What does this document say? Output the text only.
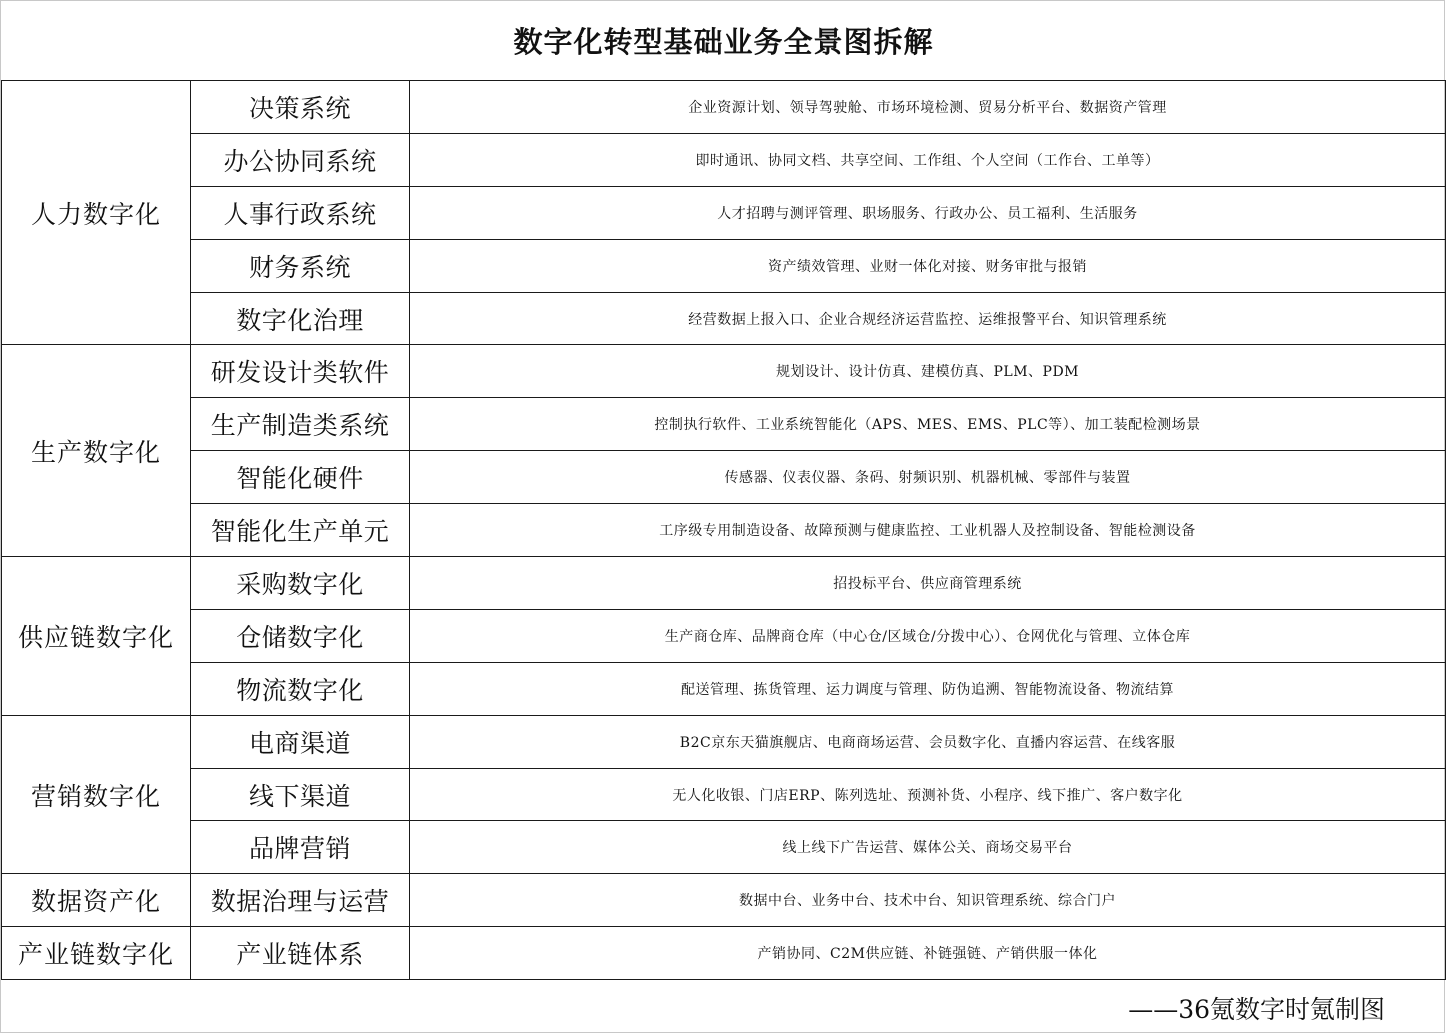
数字化转型基础业务全景图拆解
人力数字化	决策系统	企业资源计划、领导驾驶舱、市场环境检测、贸易分析平台、数据资产管理
	办公协同系统	即时通讯、协同文档、共享空间、工作组、个人空间（工作台、工单等）
	人事行政系统	人才招聘与测评管理、职场服务、行政办公、员工福利、生活服务
	财务系统	资产绩效管理、业财一体化对接、财务审批与报销
	数字化治理	经营数据上报入口、企业合规经济运营监控、运维报警平台、知识管理系统
生产数字化	研发设计类软件	规划设计、设计仿真、建模仿真、PLM、PDM
	生产制造类系统	控制执行软件、工业系统智能化（APS、MES、EMS、PLC等）、加工装配检测场景
	智能化硬件	传感器、仪表仪器、条码、射频识别、机器机械、零部件与装置
	智能化生产单元	工序级专用制造设备、故障预测与健康监控、工业机器人及控制设备、智能检测设备
供应链数字化	采购数字化	招投标平台、供应商管理系统
	仓储数字化	生产商仓库、品牌商仓库（中心仓/区域仓/分拨中心）、仓网优化与管理、立体仓库
	物流数字化	配送管理、拣货管理、运力调度与管理、防伪追溯、智能物流设备、物流结算
营销数字化	电商渠道	B2C京东天猫旗舰店、电商商场运营、会员数字化、直播内容运营、在线客服
	线下渠道	无人化收银、门店ERP、陈列选址、预测补货、小程序、线下推广、客户数字化
	品牌营销	线上线下广告运营、媒体公关、商场交易平台
数据资产化	数据治理与运营	数据中台、业务中台、技术中台、知识管理系统、综合门户
产业链数字化	产业链体系	产销协同、C2M供应链、补链强链、产销供服一体化
——36氪数字时氪制图
